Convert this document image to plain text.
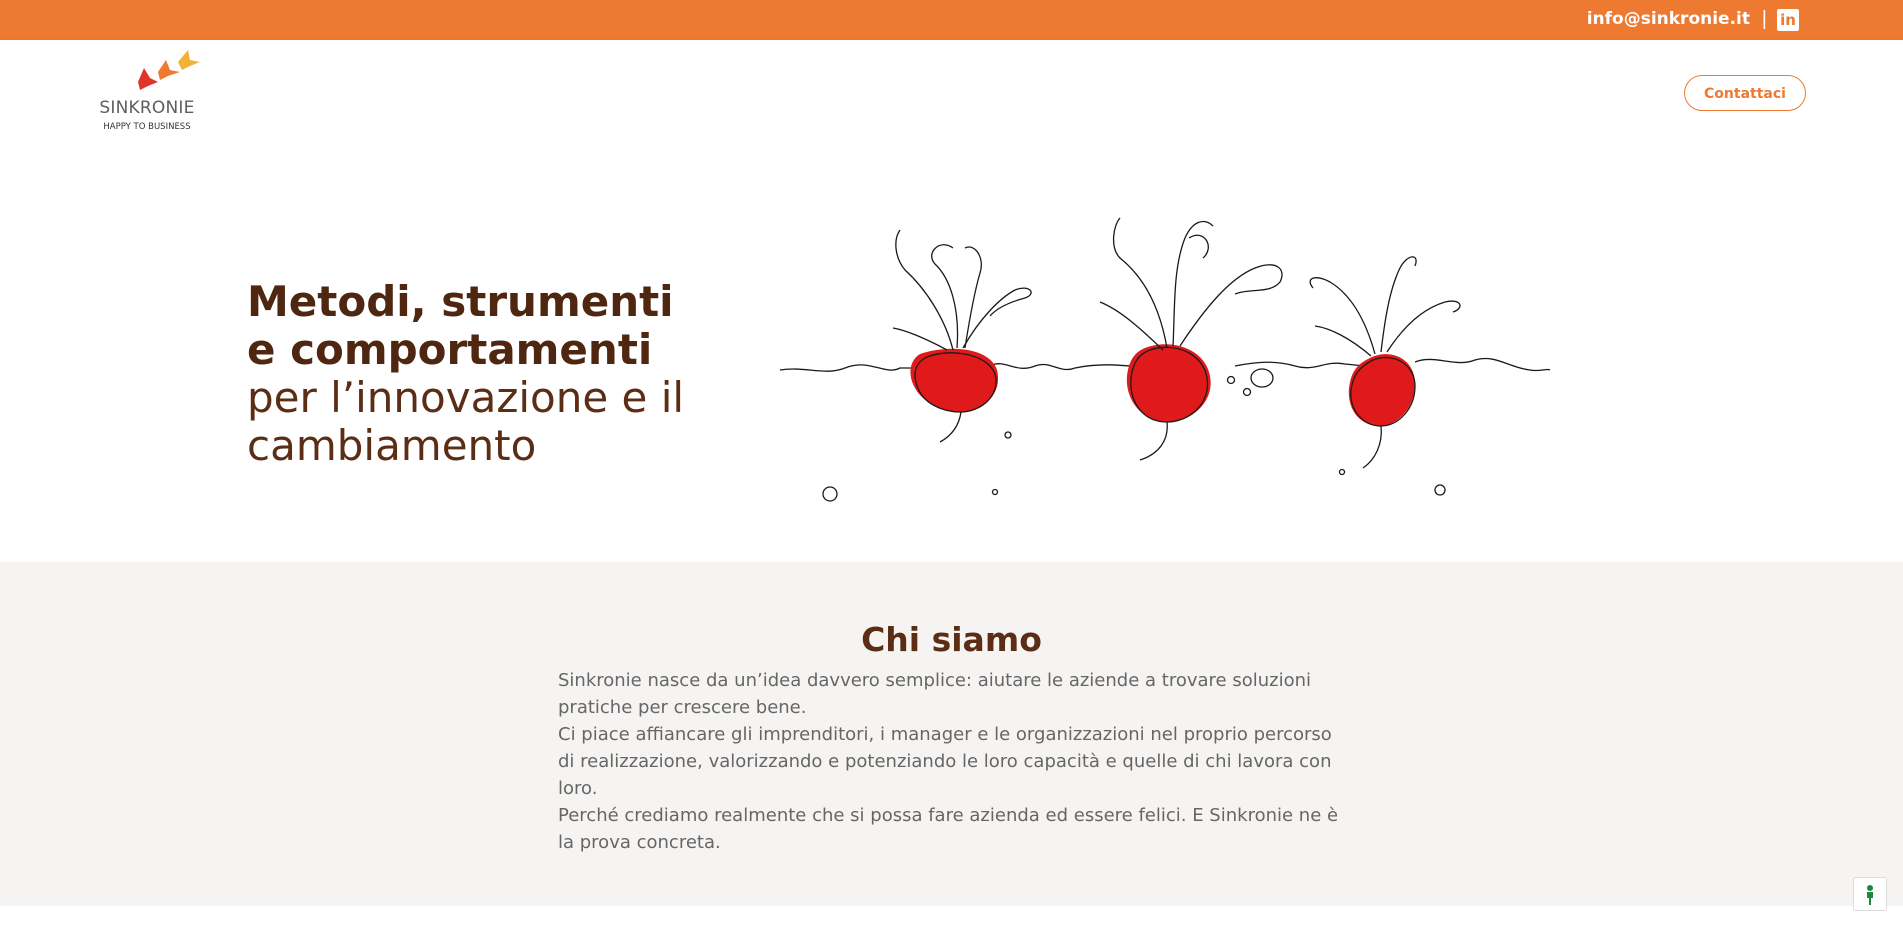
info@sinkronie.it | in
SINKRONIE
HAPPY TO BUSINESS
Contattaci
Metodi, strumenti e comportamenti per l’innovazione e il cambiamento
Chi siamo

Sinkronie nasce da un’idea davvero semplice: aiutare le aziende a trovare soluzioni pratiche per crescere bene.

Ci piace affiancare gli imprenditori, i manager e le organizzazioni nel proprio percorso di realizzazione, valorizzando e potenziando le loro capacità e quelle di chi lavora con loro.

Perché crediamo realmente che si possa fare azienda ed essere felici. E Sinkronie ne è la prova concreta.
